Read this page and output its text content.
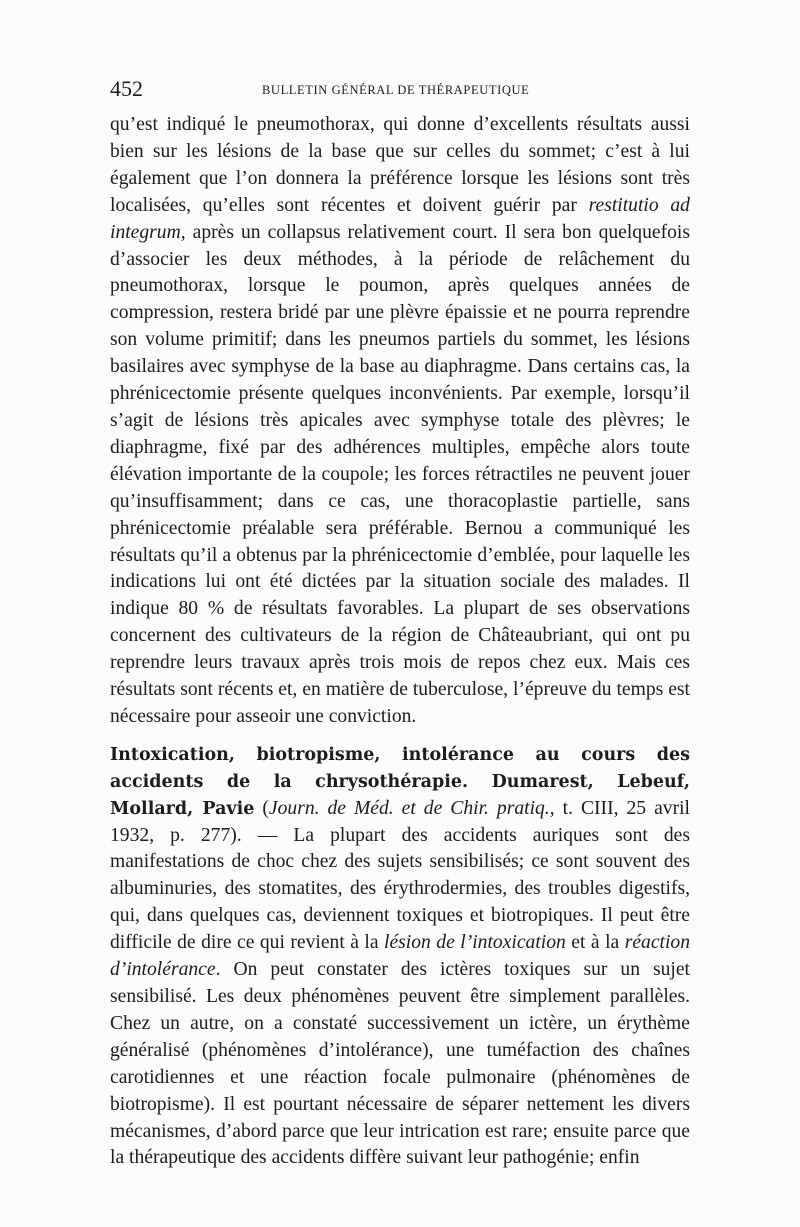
452	BULLETIN GÉNÉRAL DE THÉRAPEUTIQUE

qu’est indiqué le pneumothorax, qui donne d’excellents résultats aussi bien sur les lésions de la base que sur celles du sommet; c’est à lui également que l’on donnera la préférence lorsque les lésions sont très localisées, qu’elles sont récentes et doivent guérir par restitutio ad integrum, après un collapsus relativement court. Il sera bon quelquefois d’associer les deux méthodes, à la période de relâchement du pneumothorax, lorsque le poumon, après quelques années de compression, restera bridé par une plèvre épaissie et ne pourra reprendre son volume primitif; dans les pneumos partiels du sommet, les lésions basilaires avec symphyse de la base au diaphragme. Dans certains cas, la phrénicectomie présente quelques inconvénients. Par exemple, lorsqu’il s’agit de lésions très apicales avec symphyse totale des plèvres; le diaphragme, fixé par des adhérences multiples, empêche alors toute élévation importante de la coupole; les forces rétractiles ne peuvent jouer qu’insuffisamment; dans ce cas, une thoracoplastie partielle, sans phrénicectomie préalable sera préférable. Bernou a communiqué les résultats qu’il a obtenus par la phrénicectomie d’emblée, pour laquelle les indications lui ont été dictées par la situation sociale des malades. Il indique 80 % de résultats favorables. La plupart de ses observations concernent des cultivateurs de la région de Châteaubriant, qui ont pu reprendre leurs travaux après trois mois de repos chez eux. Mais ces résultats sont récents et, en matière de tuberculose, l’épreuve du temps est nécessaire pour asseoir une conviction.

Intoxication, biotropisme, intolérance au cours des accidents de la chrysothérapie. Dumarest, Lebeuf, Mollard, Pavie (Journ. de Méd. et de Chir. pratiq., t. CIII, 25 avril 1932, p. 277). — La plupart des accidents auriques sont des manifestations de choc chez des sujets sensibilisés; ce sont souvent des albuminuries, des stomatites, des érythrodermies, des troubles digestifs, qui, dans quelques cas, deviennent toxiques et biotropiques. Il peut être difficile de dire ce qui revient à la lésion de l’intoxication et à la réaction d’intolérance. On peut constater des ictères toxiques sur un sujet sensibilisé. Les deux phénomènes peuvent être simplement parallèles. Chez un autre, on a constaté successivement un ictère, un érythème généralisé (phénomènes d’intolérance), une tuméfaction des chaînes carotidiennes et une réaction focale pulmonaire (phénomènes de biotropisme). Il est pourtant nécessaire de séparer nettement les divers mécanismes, d’abord parce que leur intrication est rare; ensuite parce que la thérapeutique des accidents diffère suivant leur pathogénie; enfin
